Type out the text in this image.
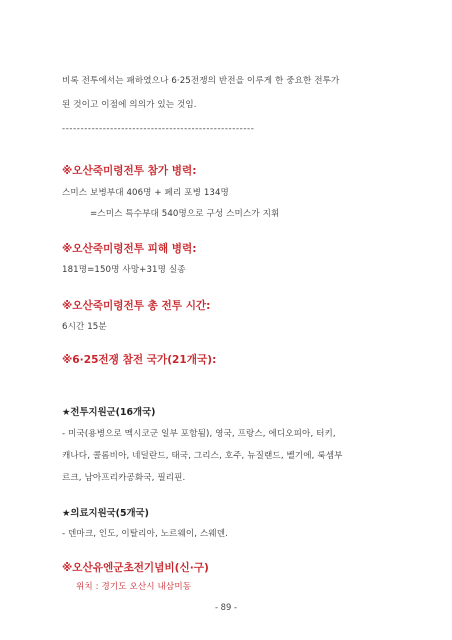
비록 전투에서는 패하였으나 6·25전쟁의 반전을 이루게 한 중요한 전투가
된 것이고 이점에 의의가 있는 것임.
----------------------------------------------------
※오산죽미령전투 참가 병력:
스미스 보병부대 406명 + 페리 포병 134명
=스미스 특수부대 540명으로 구성 스미스가 지휘
※오산죽미령전투 피해 병력:
181명=150명 사망+31명 실종
※오산죽미령전투 총 전투 시간:
6시간 15분
※6·25전쟁 참전 국가(21개국):
★전투지원군(16개국)
- 미국(용병으로 멕시코군 일부 포함됨), 영국, 프랑스, 에디오피아, 터키,
캐나다, 콜롬비아, 네덜란드, 태국, 그리스, 호주, 뉴질랜드, 벨기에, 룩셈부
르크, 남아프리카공화국, 필리핀.
★의료지원국(5개국)
- 덴마크, 인도, 이탈리아, 노르웨이, 스웨덴.
※오산유엔군초전기념비(신·구)
위치 : 경기도 오산시 내삼미동
- 89 -
